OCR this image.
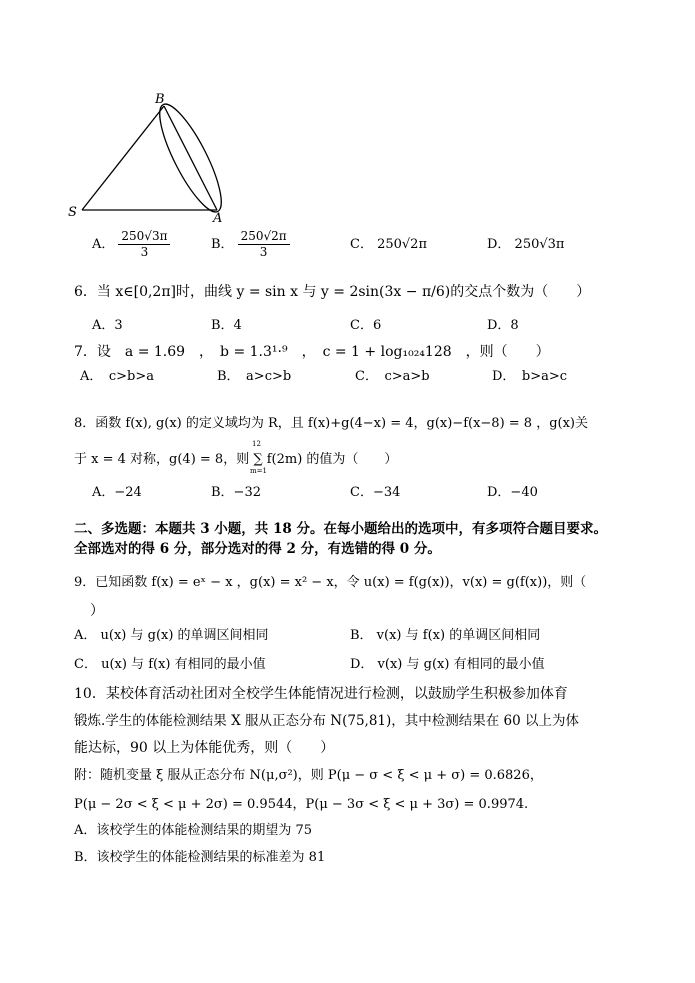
B
S	A
A． $\frac{250√3\pi}{3}$	B． $\frac{250√2\pi}{3}$	C． 250√2π	D． 250√3π
6．当 x∈[0,2π]时，曲线 y = sin x 与 y = 2sin(3x − π/6)的交点个数为（　　）
A．3	B．4	C．6	D．8
7．设　a = 1.69　，　b = 1.3¹·⁹　，　c = 1 + log₁₀₂₄128　，则（　　）
A．　c>b>a	B．　a>c>b	C．　c>a>b	D．　b>a>c
8．函数 f(x), g(x) 的定义域均为 R，且 f(x)+g(4−x) = 4，g(x)−f(x−8) = 8 ，g(x)关
于 x = 4 对称，g(4) = 8，则 ∑ f(2m) 的值为（　　）
12
m=1
A．−24	B．−32	C．−34	D．−40
二、多选题：本题共 3 小题，共 18 分。在每小题给出的选项中，有多项符合题目要求。
全部选对的得 6 分，部分选对的得 2 分，有选错的得 0 分。
9．已知函数 f(x) = eˣ − x ，g(x) = x² − x，令 u(x) = f(g(x))，v(x) = g(f(x))，则（
）
A． u(x) 与 g(x) 的单调区间相同	B． v(x) 与 f(x) 的单调区间相同
C． u(x) 与 f(x) 有相同的最小值	D． v(x) 与 g(x) 有相同的最小值
10．某校体育活动社团对全校学生体能情况进行检测，以鼓励学生积极参加体育
锻炼.学生的体能检测结果 X 服从正态分布 N(75,81)，其中检测结果在 60 以上为体
能达标，90 以上为体能优秀，则（　　）
附：随机变量 ξ 服从正态分布 N(μ,σ²)，则 P(μ − σ < ξ < μ + σ) = 0.6826，
P(μ − 2σ < ξ < μ + 2σ) = 0.9544，P(μ − 3σ < ξ < μ + 3σ) = 0.9974.
A．该校学生的体能检测结果的期望为 75
B．该校学生的体能检测结果的标准差为 81
